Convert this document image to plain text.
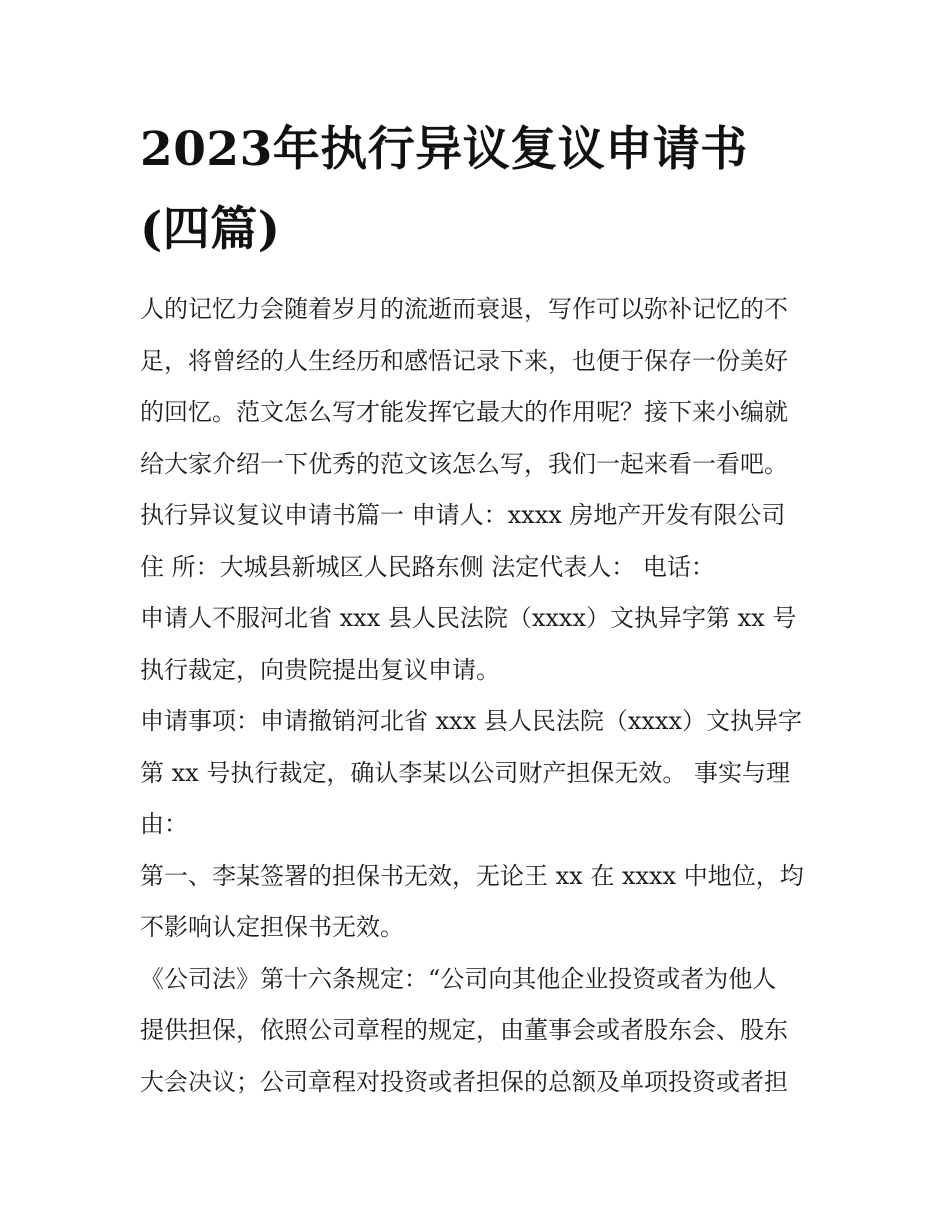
2023年执行异议复议申请书
(四篇)

人的记忆力会随着岁月的流逝而衰退，写作可以弥补记忆的不
足，将曾经的人生经历和感悟记录下来，也便于保存一份美好
的回忆。范文怎么写才能发挥它最大的作用呢？接下来小编就
给大家介绍一下优秀的范文该怎么写，我们一起来看一看吧。

执行异议复议申请书篇一 申请人：xxxx 房地产开发有限公司
住 所：大城县新城区人民路东侧 法定代表人： 电话：

申请人不服河北省 xxx 县人民法院（xxxx）文执异字第 xx 号
执行裁定，向贵院提出复议申请。

申请事项：申请撤销河北省 xxx 县人民法院（xxxx）文执异字
第 xx 号执行裁定，确认李某以公司财产担保无效。 事实与理
由：

第一、李某签署的担保书无效，无论王 xx 在 xxxx 中地位，均
不影响认定担保书无效。

《公司法》第十六条规定：“公司向其他企业投资或者为他人
提供担保，依照公司章程的规定，由董事会或者股东会、股东
大会决议；公司章程对投资或者担保的总额及单项投资或者担
